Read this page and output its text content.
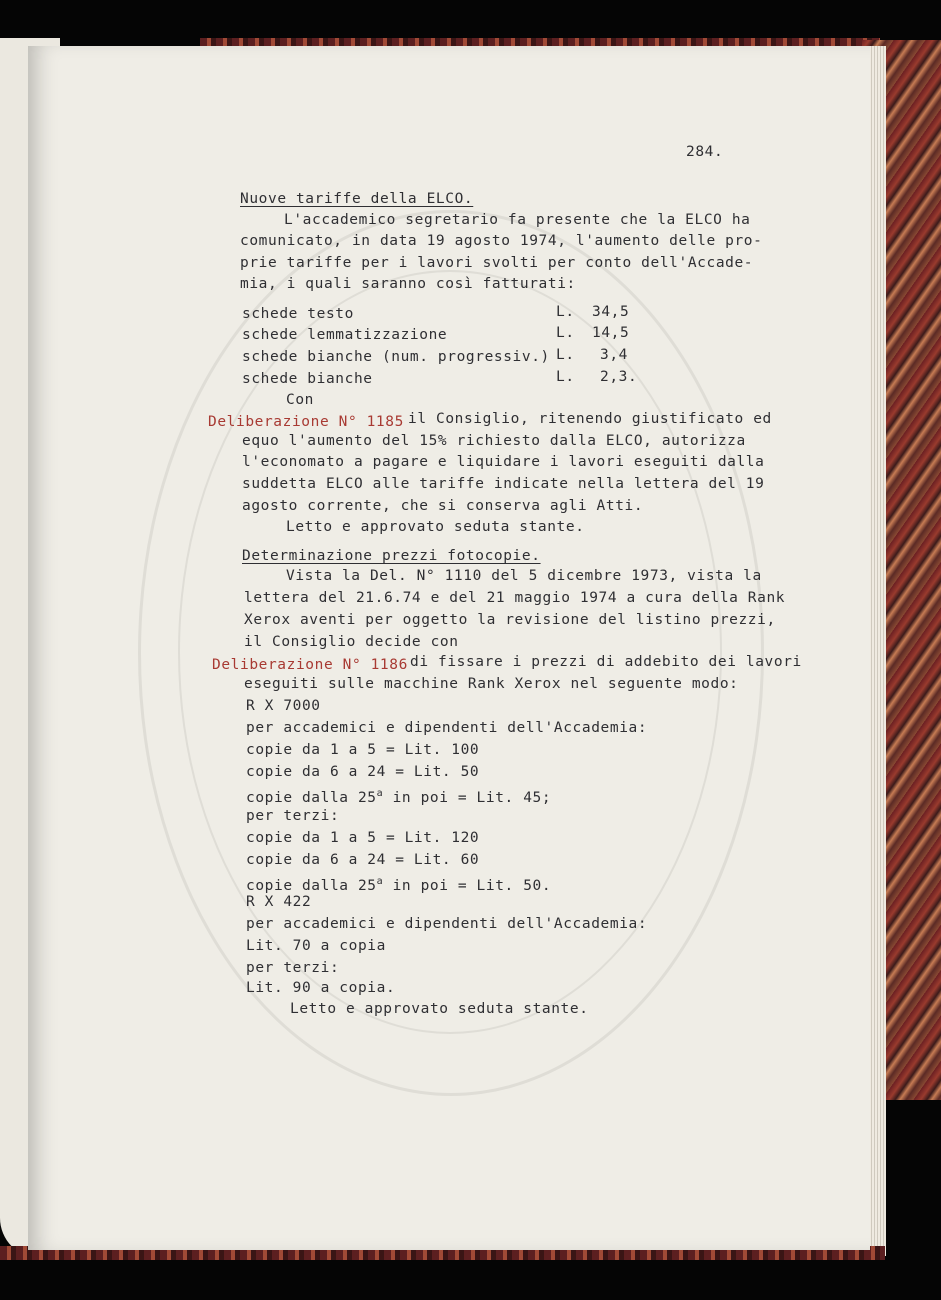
284.
Nuove tariffe della ELCO.
L'accademico segretario fa presente che la ELCO ha
comunicato, in data 19 agosto 1974, l'aumento delle pro-
prie tariffe per i lavori svolti per conto dell'Accade-
mia, i quali saranno così fatturati:
schede testo	L. 34,5
schede lemmatizzazione	L. 14,5
schede bianche (num. progressiv.) L. 3,4
schede bianche	L. 2,3.
Con
Deliberazione N° 1185 il Consiglio, ritenendo giustificato ed
equo l'aumento del 15% richiesto dalla ELCO, autorizza
l'economato a pagare e liquidare i lavori eseguiti dalla
suddetta ELCO alle tariffe indicate nella lettera del 19
agosto corrente, che si conserva agli Atti.
Letto e approvato seduta stante.
Determinazione prezzi fotocopie.
Vista la Del. N° 1110 del 5 dicembre 1973, vista la
lettera del 21.6.74 e del 21 maggio 1974 a cura della Rank
Xerox aventi per oggetto la revisione del listino prezzi,
il Consiglio decide con
Deliberazione N° 1186 di fissare i prezzi di addebito dei lavori
eseguiti sulle macchine Rank Xerox nel seguente modo:
R X 7000
per accademici e dipendenti dell'Accademia:
copie da 1 a 5 = Lit. 100
copie da 6 a 24 = Lit. 50
copie dalla 25$^a$ in poi = Lit. 45;
per terzi:
copie da 1 a 5 = Lit. 120
copie da 6 a 24 = Lit. 60
copie dalla 25$^a$ in poi = Lit. 50.
R X 422
per accademici e dipendenti dell'Accademia:
Lit. 70 a copia
per terzi:
Lit. 90 a copia.
Letto e approvato seduta stante.
